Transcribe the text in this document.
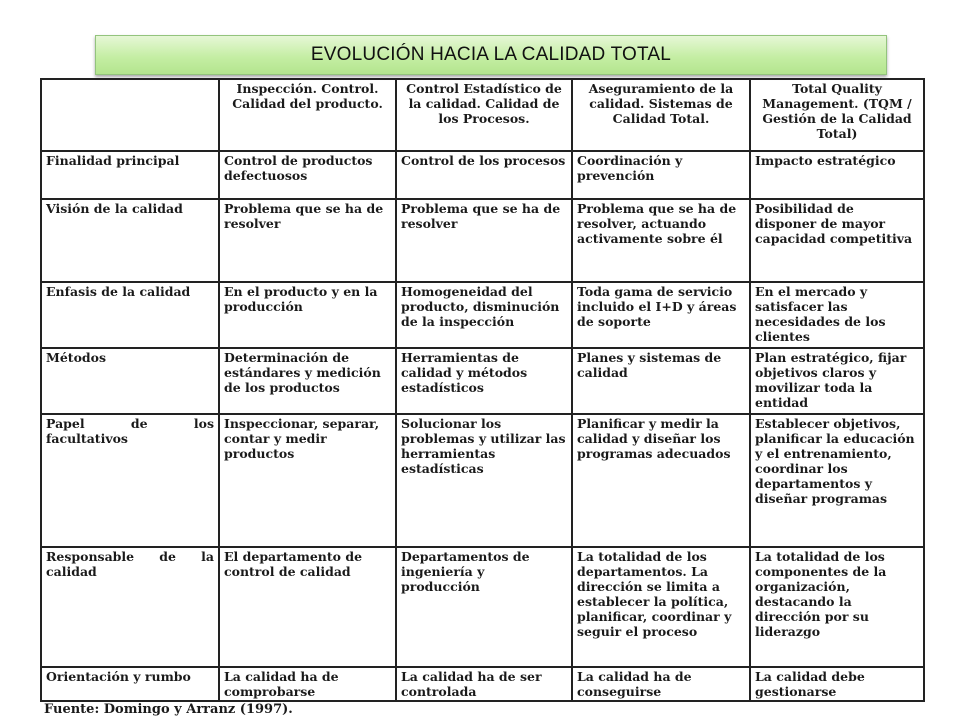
EVOLUCIÓN HACIA LA CALIDAD TOTAL
	Inspección. Control. Calidad del producto.	Control Estadístico de la calidad. Calidad de los Procesos.	Aseguramiento de la calidad. Sistemas de Calidad Total.	Total Quality Management. (TQM / Gestión de la Calidad Total)
Finalidad principal	Control de productos defectuosos	Control de los procesos	Coordinación y prevención	Impacto estratégico
Visión de la calidad	Problema que se ha de resolver	Problema que se ha de resolver	Problema que se ha de resolver, actuando activamente sobre él	Posibilidad de disponer de mayor capacidad competitiva
Enfasis de la calidad	En el producto y en la producción	Homogeneidad del producto, disminución de la inspección	Toda gama de servicio incluido el I+D y áreas de soporte	En el mercado y satisfacer las necesidades de los clientes
Métodos	Determinación de estándares y medición de los productos	Herramientas de calidad y métodos estadísticos	Planes y sistemas de calidad	Plan estratégico, fijar objetivos claros y movilizar toda la entidad
Papel de los facultativos	Inspeccionar, separar, contar y medir productos	Solucionar los problemas y utilizar las herramientas estadísticas	Planificar y medir la calidad y diseñar los programas adecuados	Establecer objetivos, planificar la educación y el entrenamiento, coordinar los departamentos y diseñar programas
Responsable de la calidad	El departamento de control de calidad	Departamentos de ingeniería y producción	La totalidad de los departamentos. La dirección se limita a establecer la política, planificar, coordinar y seguir el proceso	La totalidad de los componentes de la organización, destacando la dirección por su liderazgo
Orientación y rumbo	La calidad ha de comprobarse	La calidad ha de ser controlada	La calidad ha de conseguirse	La calidad debe gestionarse
Fuente: Domingo y Arranz (1997).
